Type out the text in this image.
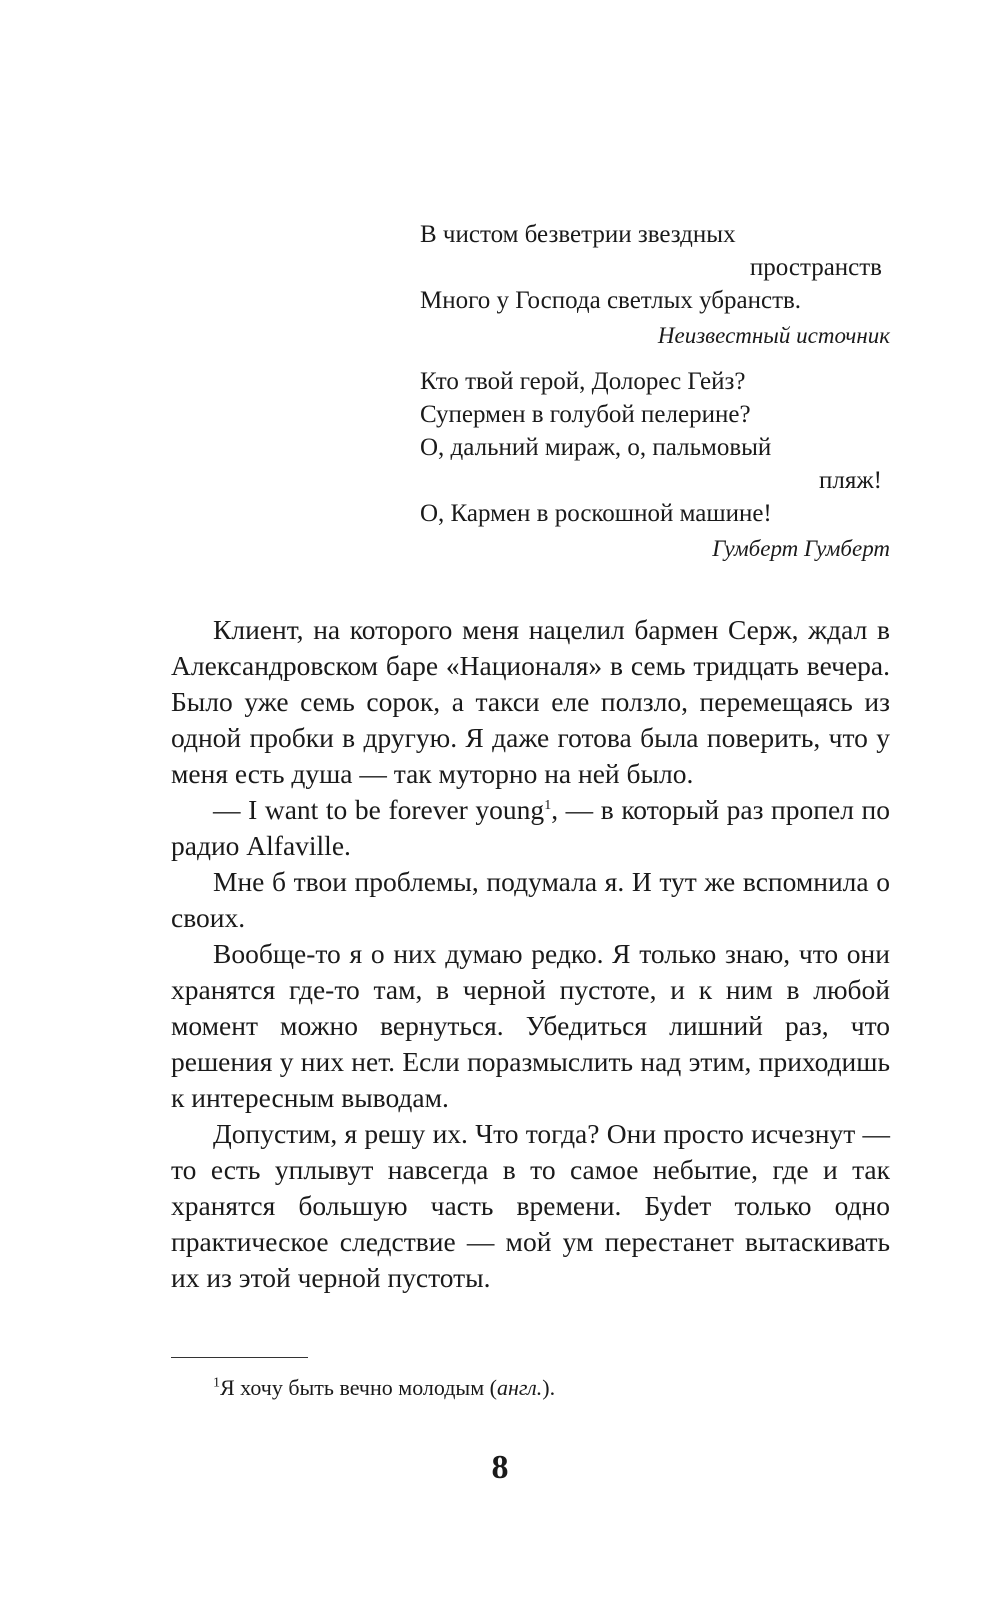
В чистом безветрии звездных
пространств
Много у Господа светлых убранств.
Неизвестный источник
Кто твой герой, Долорес Гейз?
Супермен в голубой пелерине?
О, дальний мираж, о, пальмовый
пляж!
О, Кармен в роскошной машине!
Гумберт Гумберт

Клиент, на которого меня нацелил бармен Серж, ждал в Александровском баре «Националя» в семь тридцать вечера. Было уже семь сорок, а такси еле ползло, перемещаясь из одной пробки в другую. Я даже готова была поверить, что у меня есть душа — так муторно на ней было.

— I want to be forever young$^1$, — в который раз пропел по радио Alfaville.

Мне б твои проблемы, подумала я. И тут же вспомнила о своих.

Вообще-то я о них думаю редко. Я только знаю, что они хранятся где-то там, в черной пустоте, и к ним в любой момент можно вернуться. Убедиться лишний раз, что решения у них нет. Если поразмыслить над этим, приходишь к интересным выводам.

Допустим, я решу их. Что тогда? Они просто исчезнут — то есть уплывут навсегда в то самое небытие, где и так хранятся большую часть времени. Буdет только одно практическое следствие — мой ум перестанет вытаскивать их из этой черной пустоты.

$^1$Я хочу быть вечно молодым (англ.).
8
